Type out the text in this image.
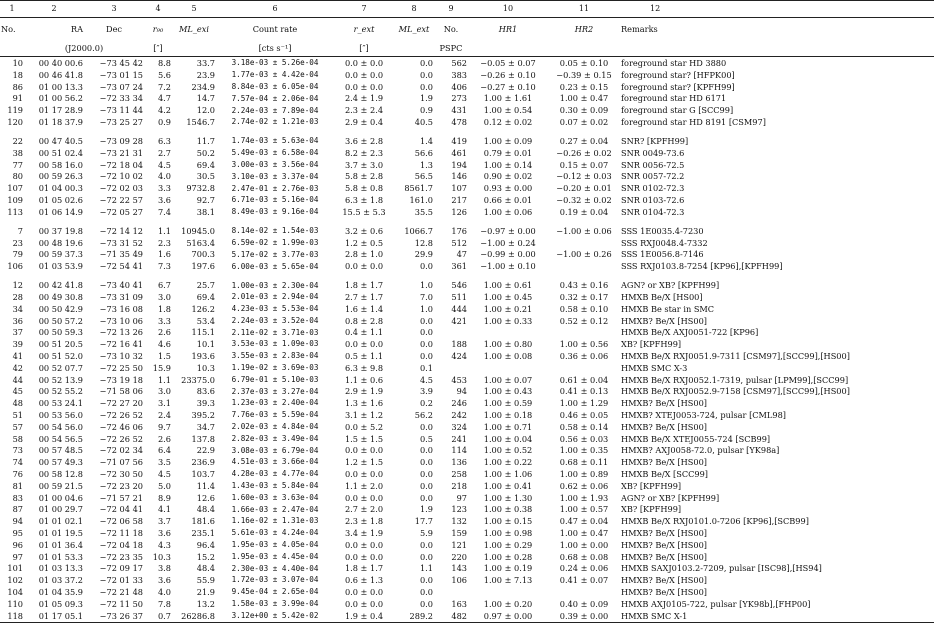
1	2	3	4	5	6	7	8	9	10	11	12
No.	RA	Dec	r₉₀	ML_exi	Count rate	r_ext	ML_ext	No.	HR1	HR2	Remarks
	(J2000.0)		[″]		[cts s⁻¹]	[″]		PSPC			
10	00 40 00.6	−73 45 42	8.8	33.7	3.18e-03 ± 5.26e-04	0.0 ± 0.0	0.0	562	−0.05 ± 0.07	0.05 ± 0.10	foreground star HD 3880
18	00 46 41.8	−73 01 15	5.6	23.9	1.77e-03 ± 4.42e-04	0.0 ± 0.0	0.0	383	−0.26 ± 0.10	−0.39 ± 0.15	foreground star? [HFPK00]
86	01 00 13.3	−73 07 24	7.2	234.9	8.84e-03 ± 6.05e-04	0.0 ± 0.0	0.0	406	−0.27 ± 0.10	0.23 ± 0.15	foreground star? [KPFH99]
91	01 00 56.2	−72 33 34	4.7	14.7	7.57e-04 ± 2.06e-04	2.4 ± 1.9	1.9	273	1.00 ± 1.61	1.00 ± 0.47	foreground star HD 6171
119	01 17 28.9	−73 11 44	4.2	12.0	2.24e-03 ± 7.89e-04	2.3 ± 2.4	0.9	431	1.00 ± 0.54	0.30 ± 0.09	foreground star G [SCC99]
120	01 18 37.9	−73 25 27	0.9	1546.7	2.74e-02 ± 1.21e-03	2.9 ± 0.4	40.5	478	0.12 ± 0.02	0.07 ± 0.02	foreground star HD 8191 [CSM97]

22	00 47 40.5	−73 09 28	6.3	11.7	1.74e-03 ± 5.63e-04	3.6 ± 2.8	1.4	419	1.00 ± 0.09	0.27 ± 0.04	SNR? [KPFH99]
38	00 51 02.4	−73 21 31	2.7	50.2	5.49e-03 ± 6.58e-04	8.2 ± 2.3	56.6	461	0.79 ± 0.01	−0.26 ± 0.02	SNR 0049-73.6
77	00 58 16.0	−72 18 04	4.5	69.4	3.00e-03 ± 3.56e-04	3.7 ± 3.0	1.3	194	1.00 ± 0.14	0.15 ± 0.07	SNR 0056-72.5
80	00 59 26.3	−72 10 02	4.0	30.5	3.10e-03 ± 3.37e-04	5.8 ± 2.8	56.5	146	0.90 ± 0.02	−0.12 ± 0.03	SNR 0057-72.2
107	01 04 00.3	−72 02 03	3.3	9732.8	2.47e-01 ± 2.76e-03	5.8 ± 0.8	8561.7	107	0.93 ± 0.00	−0.20 ± 0.01	SNR 0102-72.3
109	01 05 02.6	−72 22 57	3.6	92.7	6.71e-03 ± 5.16e-04	6.3 ± 1.8	161.0	217	0.66 ± 0.01	−0.32 ± 0.02	SNR 0103-72.6
113	01 06 14.9	−72 05 27	7.4	38.1	8.49e-03 ± 9.16e-04	15.5 ± 5.3	35.5	126	1.00 ± 0.06	0.19 ± 0.04	SNR 0104-72.3

7	00 37 19.8	−72 14 12	1.1	10945.0	8.14e-02 ± 1.54e-03	3.2 ± 0.6	1066.7	176	−0.97 ± 0.00	−1.00 ± 0.06	SSS 1E0035.4-7230
23	00 48 19.6	−73 31 52	2.3	5163.4	6.59e-02 ± 1.99e-03	1.2 ± 0.5	12.8	512	−1.00 ± 0.24		SSS RXJ0048.4-7332
79	00 59 37.3	−71 35 49	1.6	700.3	5.17e-02 ± 3.77e-03	2.8 ± 1.0	29.9	47	−0.99 ± 0.00	−1.00 ± 0.26	SSS 1E0056.8-7146
106	01 03 53.9	−72 54 41	7.3	197.6	6.00e-03 ± 5.65e-04	0.0 ± 0.0	0.0	361	−1.00 ± 0.10		SSS RXJ0103.8-7254 [KP96],[KPFH99]

12	00 42 41.8	−73 40 41	6.7	25.7	1.00e-03 ± 2.30e-04	1.8 ± 1.7	1.0	546	1.00 ± 0.61	0.43 ± 0.16	AGN? or XB? [KPFH99]
28	00 49 30.8	−73 31 09	3.0	69.4	2.01e-03 ± 2.94e-04	2.7 ± 1.7	7.0	511	1.00 ± 0.45	0.32 ± 0.17	HMXB Be/X [HS00]
34	00 50 42.9	−73 16 08	1.8	126.2	4.23e-03 ± 5.53e-04	1.6 ± 1.4	1.0	444	1.00 ± 0.21	0.58 ± 0.10	HMXB Be star in SMC
36	00 50 57.2	−73 10 06	3.3	53.4	2.24e-03 ± 3.52e-04	0.8 ± 2.8	0.0	421	1.00 ± 0.33	0.52 ± 0.12	HMXB? Be/X [HS00]
37	00 50 59.3	−72 13 26	2.6	115.1	2.11e-02 ± 3.71e-03	0.4 ± 1.1	0.0				HMXB Be/X AXJ0051-722 [KP96]
39	00 51 20.5	−72 16 41	4.6	10.1	3.53e-03 ± 1.09e-03	0.0 ± 0.0	0.0	188	1.00 ± 0.80	1.00 ± 0.56	XB? [KPFH99]
41	00 51 52.0	−73 10 32	1.5	193.6	3.55e-03 ± 2.83e-04	0.5 ± 1.1	0.0	424	1.00 ± 0.08	0.36 ± 0.06	HMXB Be/X RXJ0051.9-7311 [CSM97],[SCC99],[HS00]
42	00 52 07.7	−72 25 50	15.9	10.3	1.19e-02 ± 3.69e-03	6.3 ± 9.8	0.1				HMXB SMC X-3
44	00 52 13.9	−73 19 18	1.1	23375.0	6.79e-01 ± 5.10e-03	1.1 ± 0.6	4.5	453	1.00 ± 0.07	0.61 ± 0.04	HMXB Be/X RXJ0052.1-7319, pulsar [LPM99],[SCC99]
45	00 52 55.2	−71 58 06	3.0	83.6	2.37e-03 ± 3.27e-04	2.9 ± 1.9	3.9	94	1.00 ± 0.43	0.41 ± 0.13	HMXB Be/X RXJ0052.9-7158 [CSM97],[SCC99],[HS00]
48	00 53 24.1	−72 27 20	3.1	39.3	1.23e-03 ± 2.40e-04	1.3 ± 1.6	0.2	246	1.00 ± 0.59	1.00 ± 1.29	HMXB? Be/X [HS00]
51	00 53 56.0	−72 26 52	2.4	395.2	7.76e-03 ± 5.59e-04	3.1 ± 1.2	56.2	242	1.00 ± 0.18	0.46 ± 0.05	HMXB? XTEJ0053-724, pulsar [CML98]
57	00 54 56.0	−72 46 06	9.7	34.7	2.02e-03 ± 4.84e-04	0.0 ± 5.2	0.0	324	1.00 ± 0.71	0.58 ± 0.14	HMXB? Be/X [HS00]
58	00 54 56.5	−72 26 52	2.6	137.8	2.82e-03 ± 3.49e-04	1.5 ± 1.5	0.5	241	1.00 ± 0.04	0.56 ± 0.03	HMXB Be/X XTEJ0055-724 [SCB99]
73	00 57 48.5	−72 02 34	6.4	22.9	3.08e-03 ± 6.79e-04	0.0 ± 0.0	0.0	114	1.00 ± 0.52	1.00 ± 0.35	HMXB? AXJ0058-72.0, pulsar [YK98a]
74	00 57 49.3	−71 07 56	3.5	236.9	4.51e-03 ± 3.66e-04	1.2 ± 1.5	0.0	136	1.00 ± 0.22	0.68 ± 0.11	HMXB? Be/X [HS00]
76	00 58 12.8	−72 30 50	4.5	103.7	4.28e-03 ± 4.77e-04	0.0 ± 0.0	0.0	258	1.00 ± 1.06	1.00 ± 0.89	HMXB Be/X [SCC99]
81	00 59 21.5	−72 23 20	5.0	11.4	1.43e-03 ± 5.84e-04	1.1 ± 2.0	0.0	218	1.00 ± 0.41	0.62 ± 0.06	XB? [KPFH99]
83	01 00 04.6	−71 57 21	8.9	12.6	1.60e-03 ± 3.63e-04	0.0 ± 0.0	0.0	97	1.00 ± 1.30	1.00 ± 1.93	AGN? or XB? [KPFH99]
87	01 00 29.7	−72 04 41	4.1	48.4	1.66e-03 ± 2.47e-04	2.7 ± 2.0	1.9	123	1.00 ± 0.38	1.00 ± 0.57	XB? [KPFH99]
94	01 01 02.1	−72 06 58	3.7	181.6	1.16e-02 ± 1.31e-03	2.3 ± 1.8	17.7	132	1.00 ± 0.15	0.47 ± 0.04	HMXB Be/X RXJ0101.0-7206 [KP96],[SCB99]
95	01 01 19.5	−72 11 18	3.6	235.1	5.61e-03 ± 4.24e-04	3.4 ± 1.9	5.9	159	1.00 ± 0.98	1.00 ± 0.47	HMXB? Be/X [HS00]
96	01 01 36.4	−72 04 18	4.3	96.4	1.95e-03 ± 4.05e-04	0.0 ± 0.0	0.0	121	1.00 ± 0.29	1.00 ± 0.00	HMXB? Be/X [HS00]
97	01 01 53.3	−72 23 35	10.3	15.2	1.95e-03 ± 4.45e-04	0.0 ± 0.0	0.0	220	1.00 ± 0.28	0.68 ± 0.08	HMXB? Be/X [HS00]
101	01 03 13.3	−72 09 17	3.8	48.4	2.30e-03 ± 4.40e-04	1.8 ± 1.7	1.1	143	1.00 ± 0.19	0.24 ± 0.06	HMXB SAXJ0103.2-7209, pulsar [ISC98],[HS94]
102	01 03 37.2	−72 01 33	3.6	55.9	1.72e-03 ± 3.07e-04	0.6 ± 1.3	0.0	106	1.00 ± 7.13	0.41 ± 0.07	HMXB? Be/X [HS00]
104	01 04 35.9	−72 21 48	4.0	21.9	9.45e-04 ± 2.65e-04	0.0 ± 0.0	0.0				HMXB? Be/X [HS00]
110	01 05 09.3	−72 11 50	7.8	13.2	1.58e-03 ± 3.99e-04	0.0 ± 0.0	0.0	163	1.00 ± 0.20	0.40 ± 0.09	HMXB AXJ0105-722, pulsar [YK98b],[FHP00]
118	01 17 05.1	−73 26 37	0.7	26286.8	3.12e+00 ± 5.42e-02	1.9 ± 0.4	289.2	482	0.97 ± 0.00	0.39 ± 0.00	HMXB SMC X-1
